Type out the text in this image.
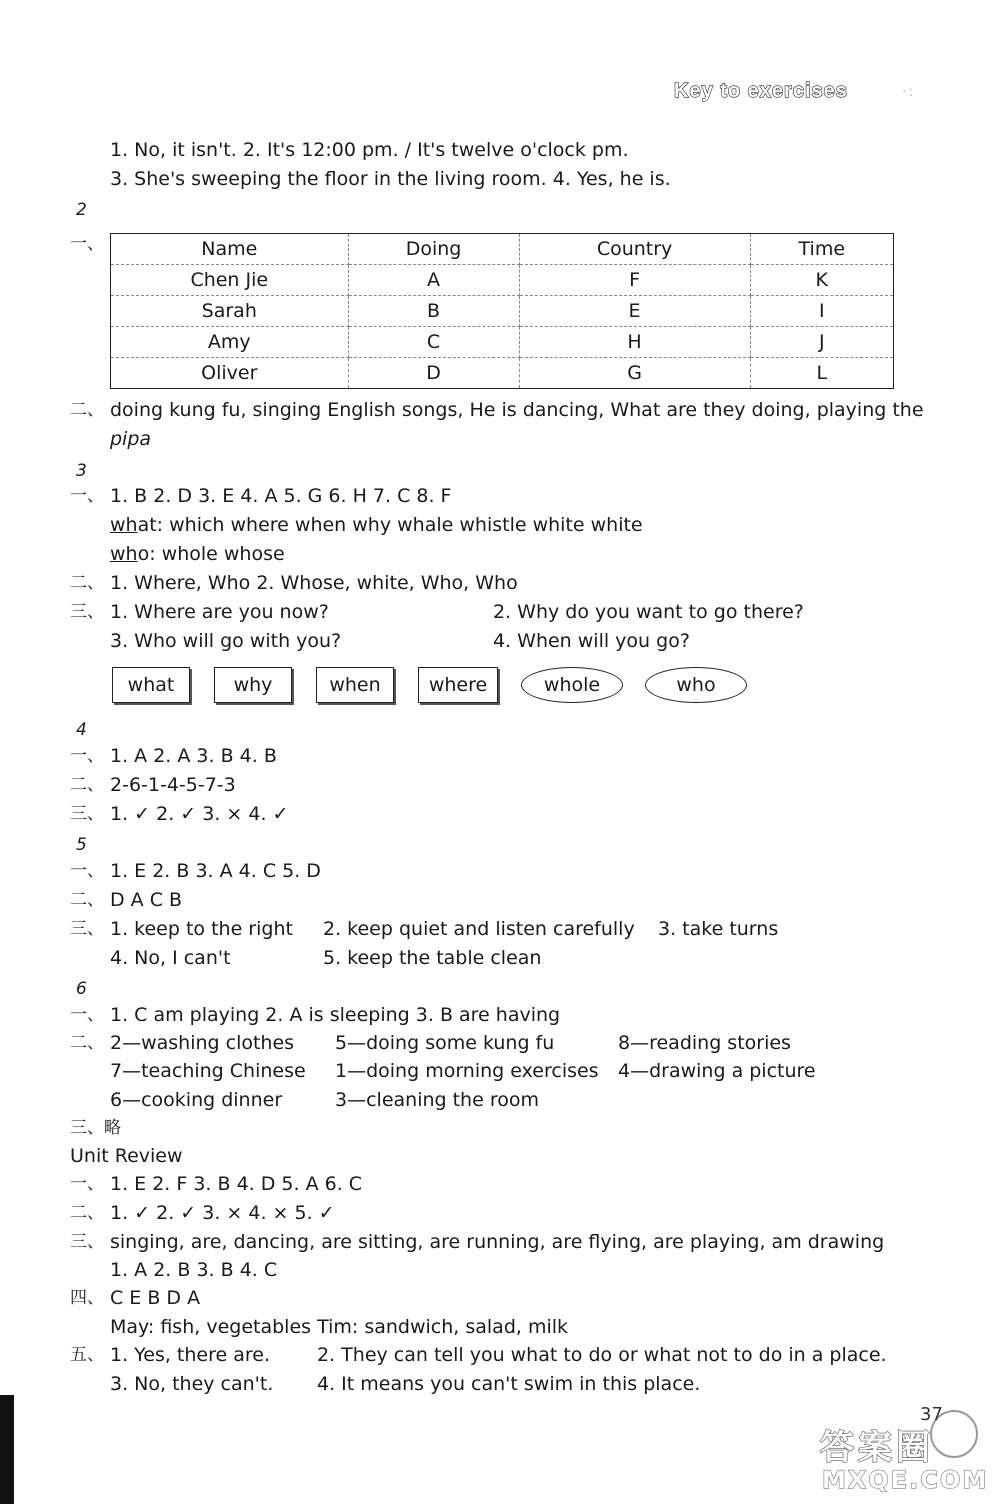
Key to exercises	·:
1. No, it isn't. 2. It's 12:00 pm. / It's twelve o'clock pm.
3. She's sweeping the floor in the living room. 4. Yes, he is.
2
一、	Name	Doing	Country	Time
Chen Jie	A	F	K
Sarah	B	E	I
Amy	C	H	J
Oliver	D	G	L
二、 doing kung fu, singing English songs, He is dancing, What are they doing, playing the
pipa
3
一、 1. B 2. D 3. E 4. A 5. G 6. H 7. C 8. F
what: which where when why whale whistle white white
who: whole whose
二、 1. Where, Who 2. Whose, white, Who, Who
三、 1. Where are you now?	2. Why do you want to go there?
3. Who will go with you?	4. When will you go?
what	why	when	where	whole	who
4
一、 1. A 2. A 3. B 4. B
二、 2-6-1-4-5-7-3
三、 1. ✓ 2. ✓ 3. × 4. ✓
5
一、 1. E 2. B 3. A 4. C 5. D
二、 D A C B
三、 1. keep to the right 2. keep quiet and listen carefully 3. take turns
4. No, I can't	5. keep the table clean
6
一、 1. C am playing 2. A is sleeping 3. B are having
二、 2—washing clothes 5—doing some kung fu	8—reading stories
7—teaching Chinese 1—doing morning exercises 4—drawing a picture
6—cooking dinner	3—cleaning the room
三、略
Unit Review
一、 1. E 2. F 3. B 4. D 5. A 6. C
二、 1. ✓ 2. ✓ 3. × 4. × 5. ✓
三、 singing, are, dancing, are sitting, are running, are flying, are playing, am drawing
1. A 2. B 3. B 4. C
四、 C E B D A
May: fish, vegetables Tim: sandwich, salad, milk
五、 1. Yes, there are. 2. They can tell you what to do or what not to do in a place.
3. No, they can't. 4. It means you can't swim in this place.
37
答案圈
MXQE.COM
